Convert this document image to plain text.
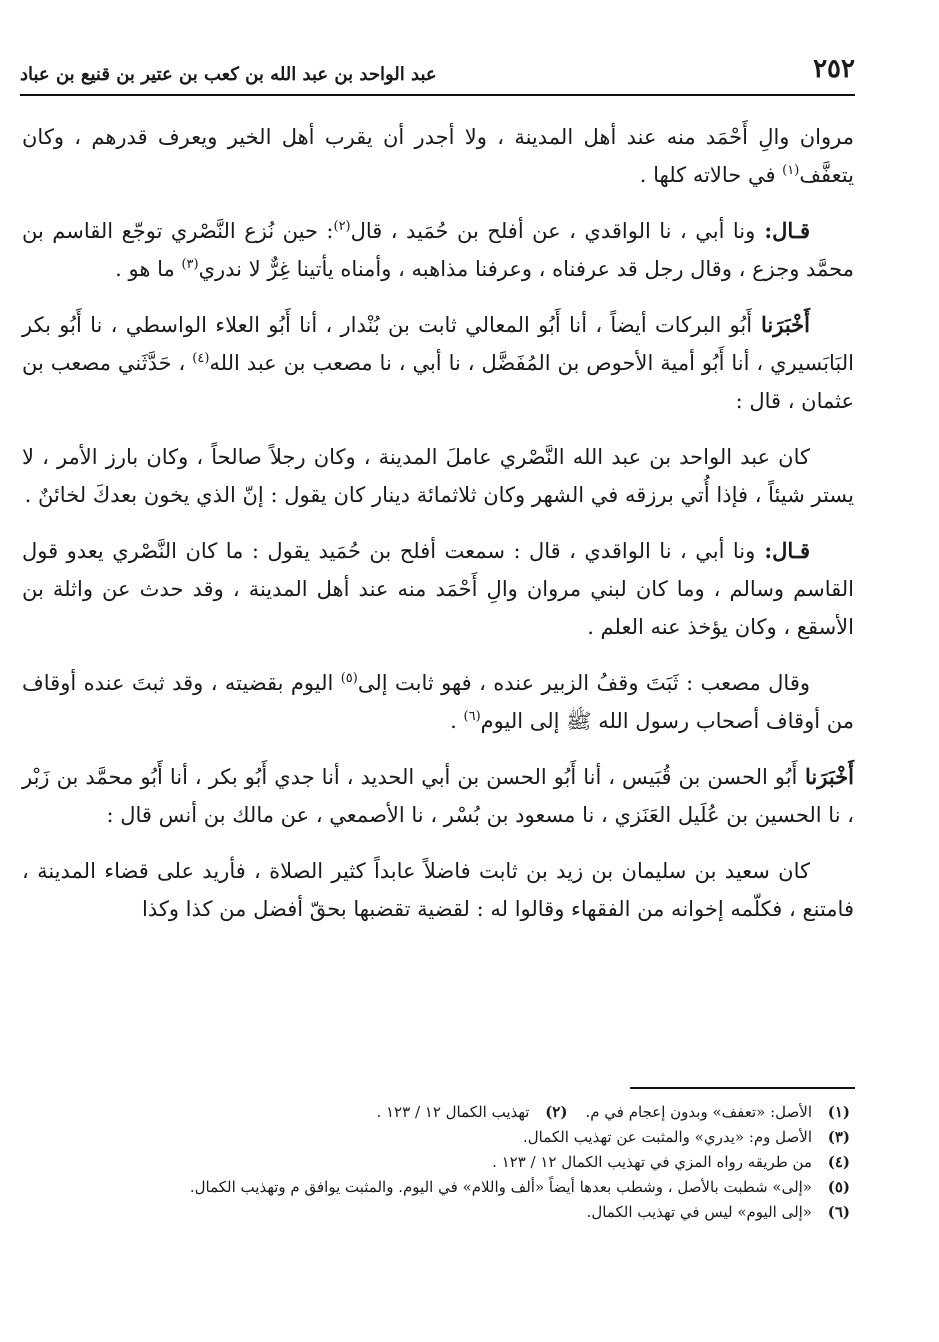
٢٥٢
عبد الواحد بن عبد الله بن كعب بن عتير بن قنيع بن عباد

مروان والِ أَحْمَد منه عند أهل المدينة ، ولا أجدر أن يقرب أهل الخير ويعرف قدرهم ، وكان يتعفَّف$^{(١)}$ في حالاته كلها .

قـال: ونا أبي ، نا الواقدي ، عن أفلح بن حُمَيد ، قال$^{(٢)}$: حين نُزع النَّصْري توجّع القاسم بن محمَّد وجزع ، وقال رجل قد عرفناه ، وعرفنا مذاهبه ، وأمناه يأتينا غِرٌّ لا ندري$^{(٣)}$ ما هو .

أَخْبَرَنا أَبُو البركات أيضاً ، أنا أَبُو المعالي ثابت بن بُنْدار ، أنا أَبُو العلاء الواسطي ، نا أَبُو بكر البَابَسيري ، أنا أَبُو أمية الأحوص بن المُفَضَّل ، نا أبي ، نا مصعب بن عبد الله$^{(٤)}$ ، حَدَّثَني مصعب بن عثمان ، قال :

كان عبد الواحد بن عبد الله النَّصْري عاملَ المدينة ، وكان رجلاً صالحاً ، وكان بارز الأمر ، لا يستر شيئاً ، فإذا أُتي برزقه في الشهر وكان ثلاثمائة دينار كان يقول : إنّ الذي يخون بعدكَ لخائنٌ .

قـال: ونا أبي ، نا الواقدي ، قال : سمعت أفلح بن حُمَيد يقول : ما كان النَّصْري يعدو قول القاسم وسالم ، وما كان لبني مروان والِ أَحْمَد منه عند أهل المدينة ، وقد حدث عن واثلة بن الأسقع ، وكان يؤخذ عنه العلم .

وقال مصعب : ثَبَتَ وقفُ الزبير عنده ، فهو ثابت إلى$^{(٥)}$ اليوم بقضيته ، وقد ثبتَ عنده أوقاف من أوقاف أصحاب رسول الله ﷺ إلى اليوم$^{(٦)}$ .

أَخْبَرَنا أَبُو الحسن بن قُبَيس ، أنا أَبُو الحسن بن أبي الحديد ، أنا جدي أَبُو بكر ، أنا أَبُو محمَّد بن زَبْر ، نا الحسين بن عُلَيل العَنَزي ، نا مسعود بن بُسْر ، نا الأصمعي ، عن مالك بن أنس قال :

كان سعيد بن سليمان بن زيد بن ثابت فاضلاً عابداً كثير الصلاة ، فأريد على قضاء المدينة ، فامتنع ، فكلّمه إخوانه من الفقهاء وقالوا له : لقضية تقضبها بحقّ أفضل من كذا وكذا

(١)الأصل: «تعفف» وبدون إعجام في م.
(٢)تهذيب الكمال ١٢ / ١٢٣ .
(٣)الأصل وم: «يدري» والمثبت عن تهذيب الكمال.
(٤)من طريقه رواه المزي في تهذيب الكمال ١٢ / ١٢٣ .
(٥)«إلى» شطبت بالأصل ، وشطب بعدها أيضاً «ألف واللام» في اليوم. والمثبت يوافق م وتهذيب الكمال.
(٦)«إلى اليوم» ليس في تهذيب الكمال.
